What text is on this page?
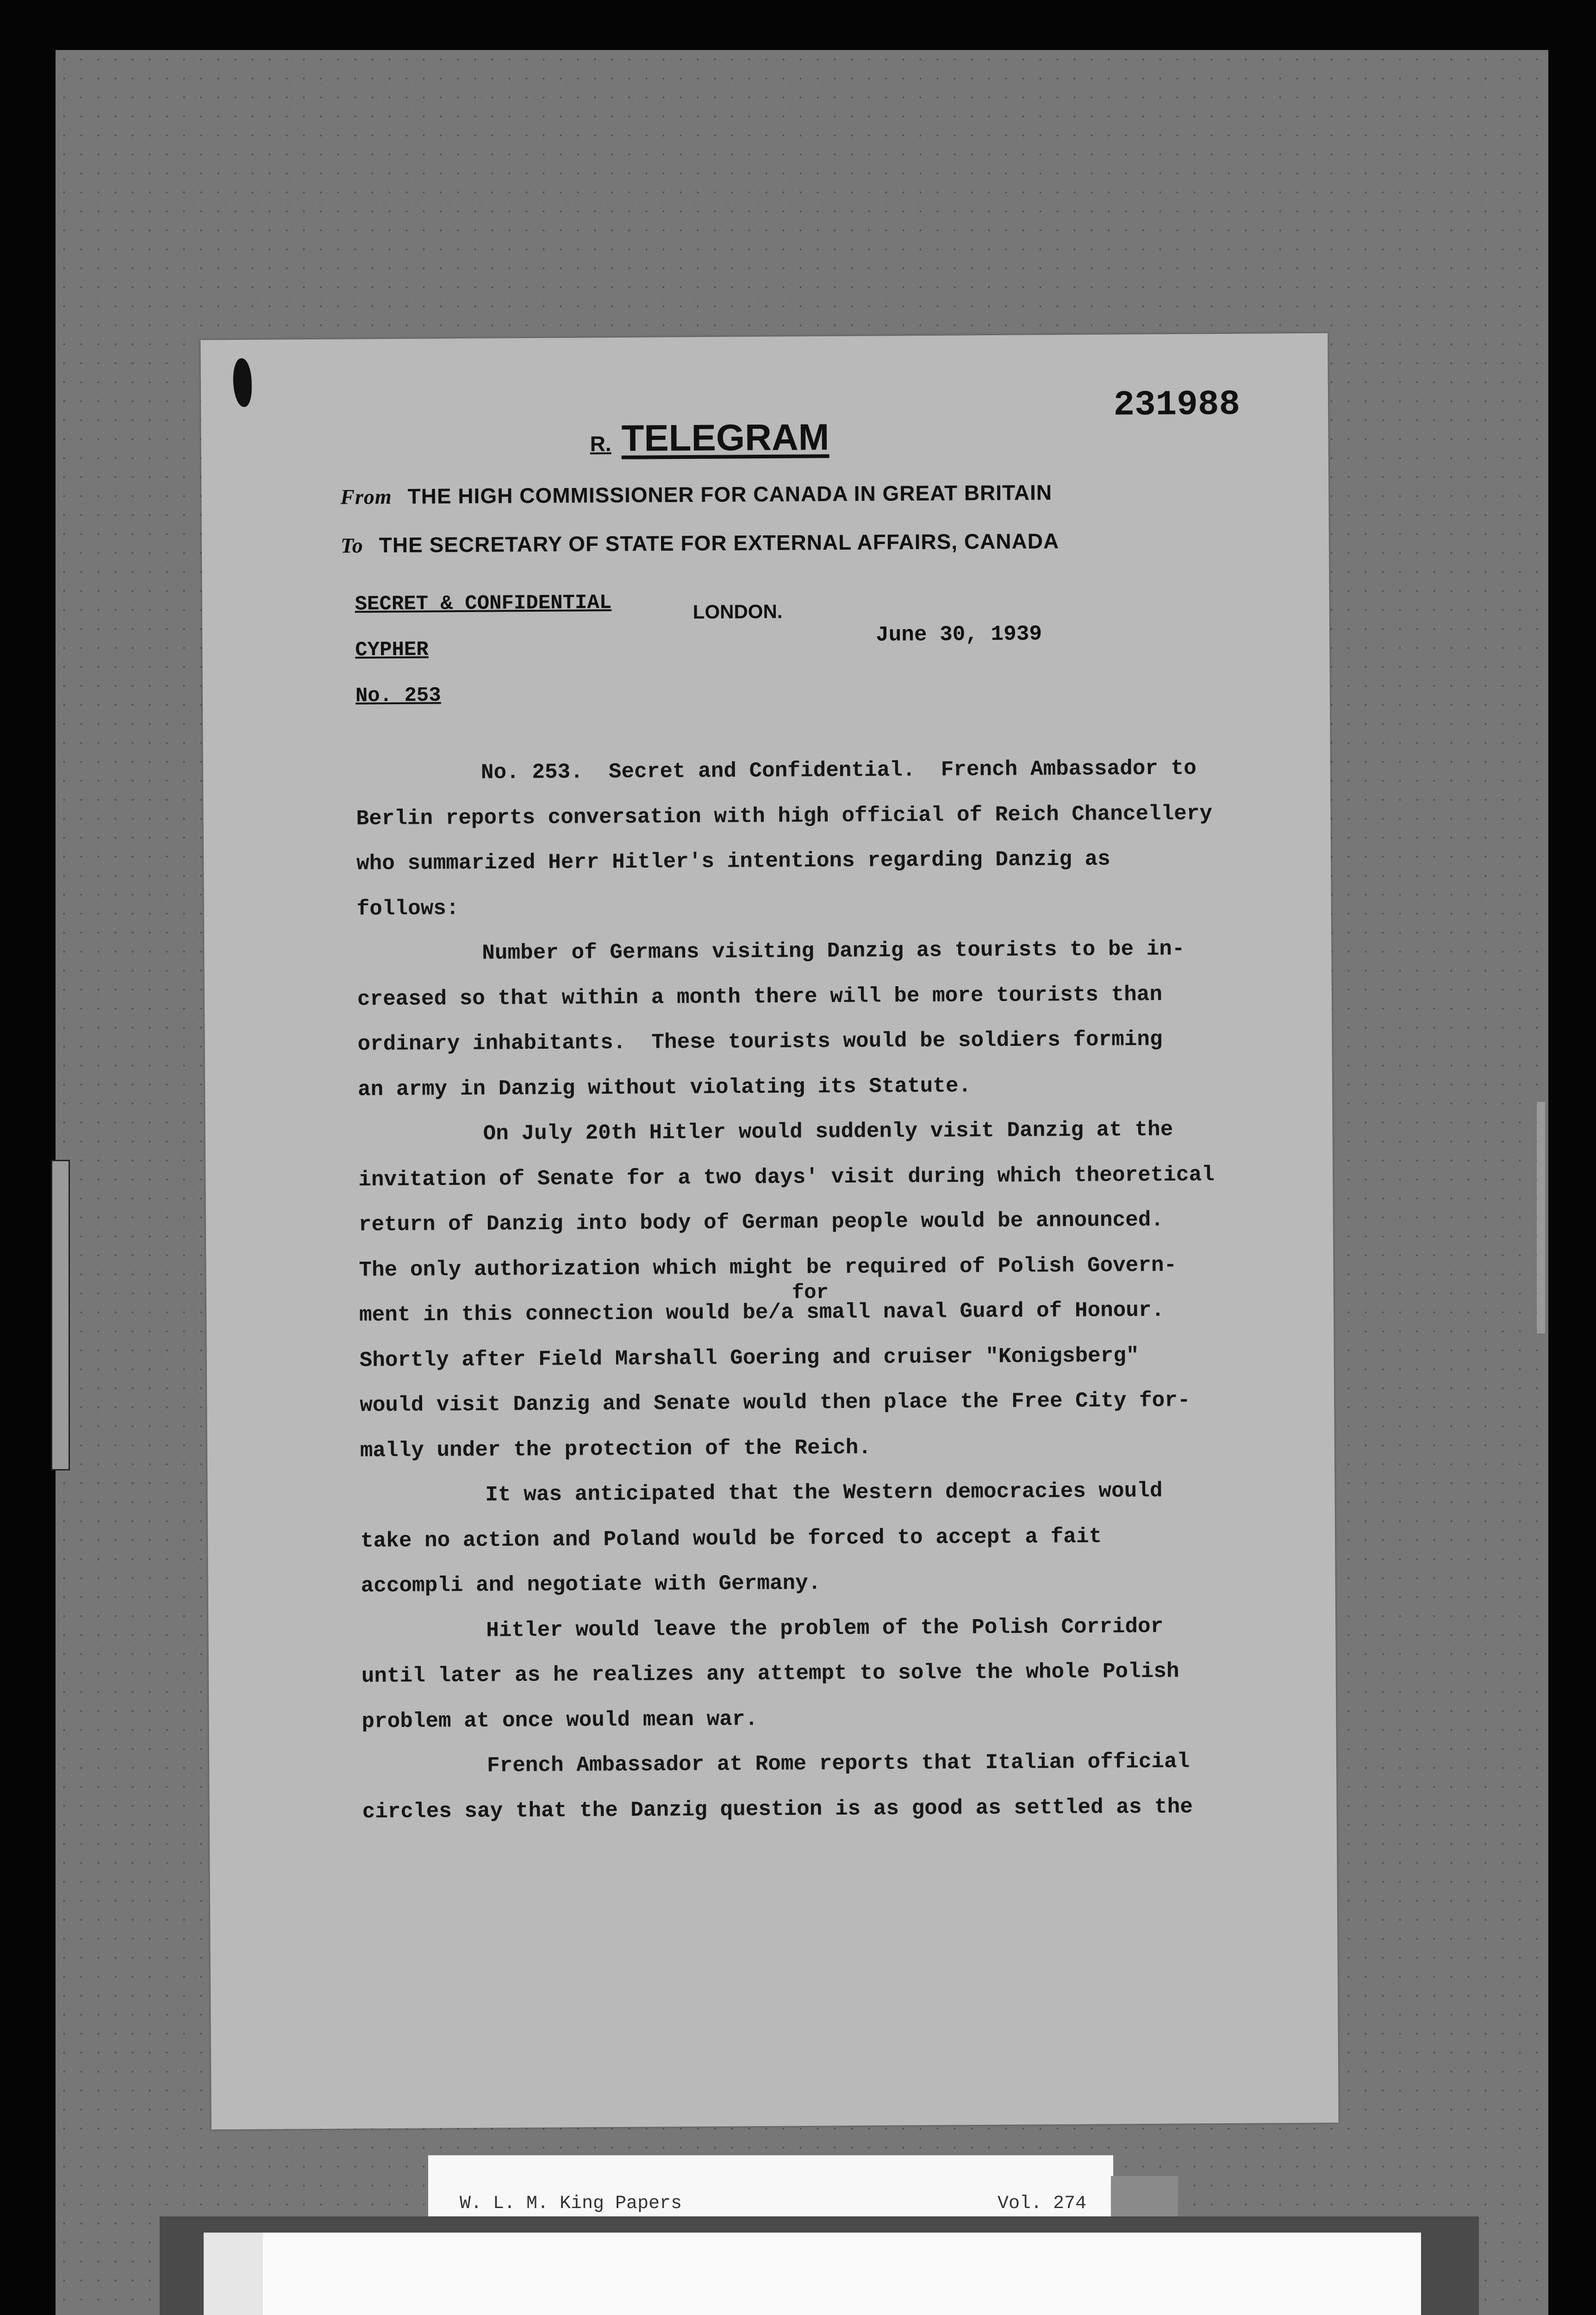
231988
R. TELEGRAM
From THE HIGH COMMISSIONER FOR CANADA IN GREAT BRITAIN
To THE SECRETARY OF STATE FOR EXTERNAL AFFAIRS, CANADA
SECRET & CONFIDENTIAL
CYPHER
No. 253
LONDON.
June 30, 1939
No. 253.  Secret and Confidential.  French Ambassador to
Berlin reports conversation with high official of Reich Chancellery
who summarized Herr Hitler's intentions regarding Danzig as
follows:
Number of Germans visiting Danzig as tourists to be in-
creased so that within a month there will be more tourists than
ordinary inhabitants.  These tourists would be soldiers forming
an army in Danzig without violating its Statute.
On July 20th Hitler would suddenly visit Danzig at the
invitation of Senate for a two days' visit during which theoretical
return of Danzig into body of German people would be announced.
The only authorization which might be required of Polish Govern-
ment in this connection would be/a small naval Guard of Honour.
for
Shortly after Field Marshall Goering and cruiser "Konigsberg"
would visit Danzig and Senate would then place the Free City for-
mally under the protection of the Reich.
It was anticipated that the Western democracies would
take no action and Poland would be forced to accept a fait
accompli and negotiate with Germany.
Hitler would leave the problem of the Polish Corridor
until later as he realizes any attempt to solve the whole Polish
problem at once would mean war.
French Ambassador at Rome reports that Italian official
circles say that the Danzig question is as good as settled as the
W. L. M. King Papers	Vol. 274
